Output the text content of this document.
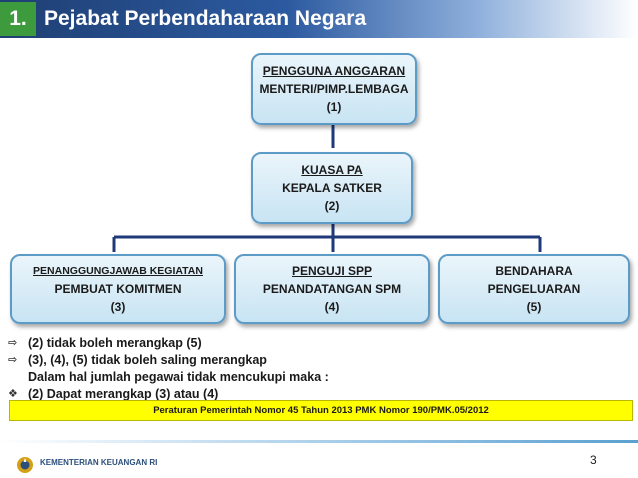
1. Pejabat Perbendaharaan Negara
PENGGUNA ANGGARAN
MENTERI/PIMP.LEMBAGA
(1)
KUASA PA
KEPALA SATKER
(2)
PENANGGUNGJAWAB KEGIATAN
PEMBUAT KOMITMEN
(3)
PENGUJI SPP
PENANDATANGAN SPM
(4)
BENDAHARA
PENGELUARAN
(5)
⇨ (2) tidak boleh merangkap (5)
⇨ (3), (4), (5) tidak boleh saling merangkap
Dalam hal jumlah pegawai tidak mencukupi maka :
❖ (2) Dapat merangkap (3) atau (4)
Peraturan Pemerintah Nomor 45 Tahun 2013 PMK Nomor 190/PMK.05/2012
KEMENTERIAN KEUANGAN RI	3
